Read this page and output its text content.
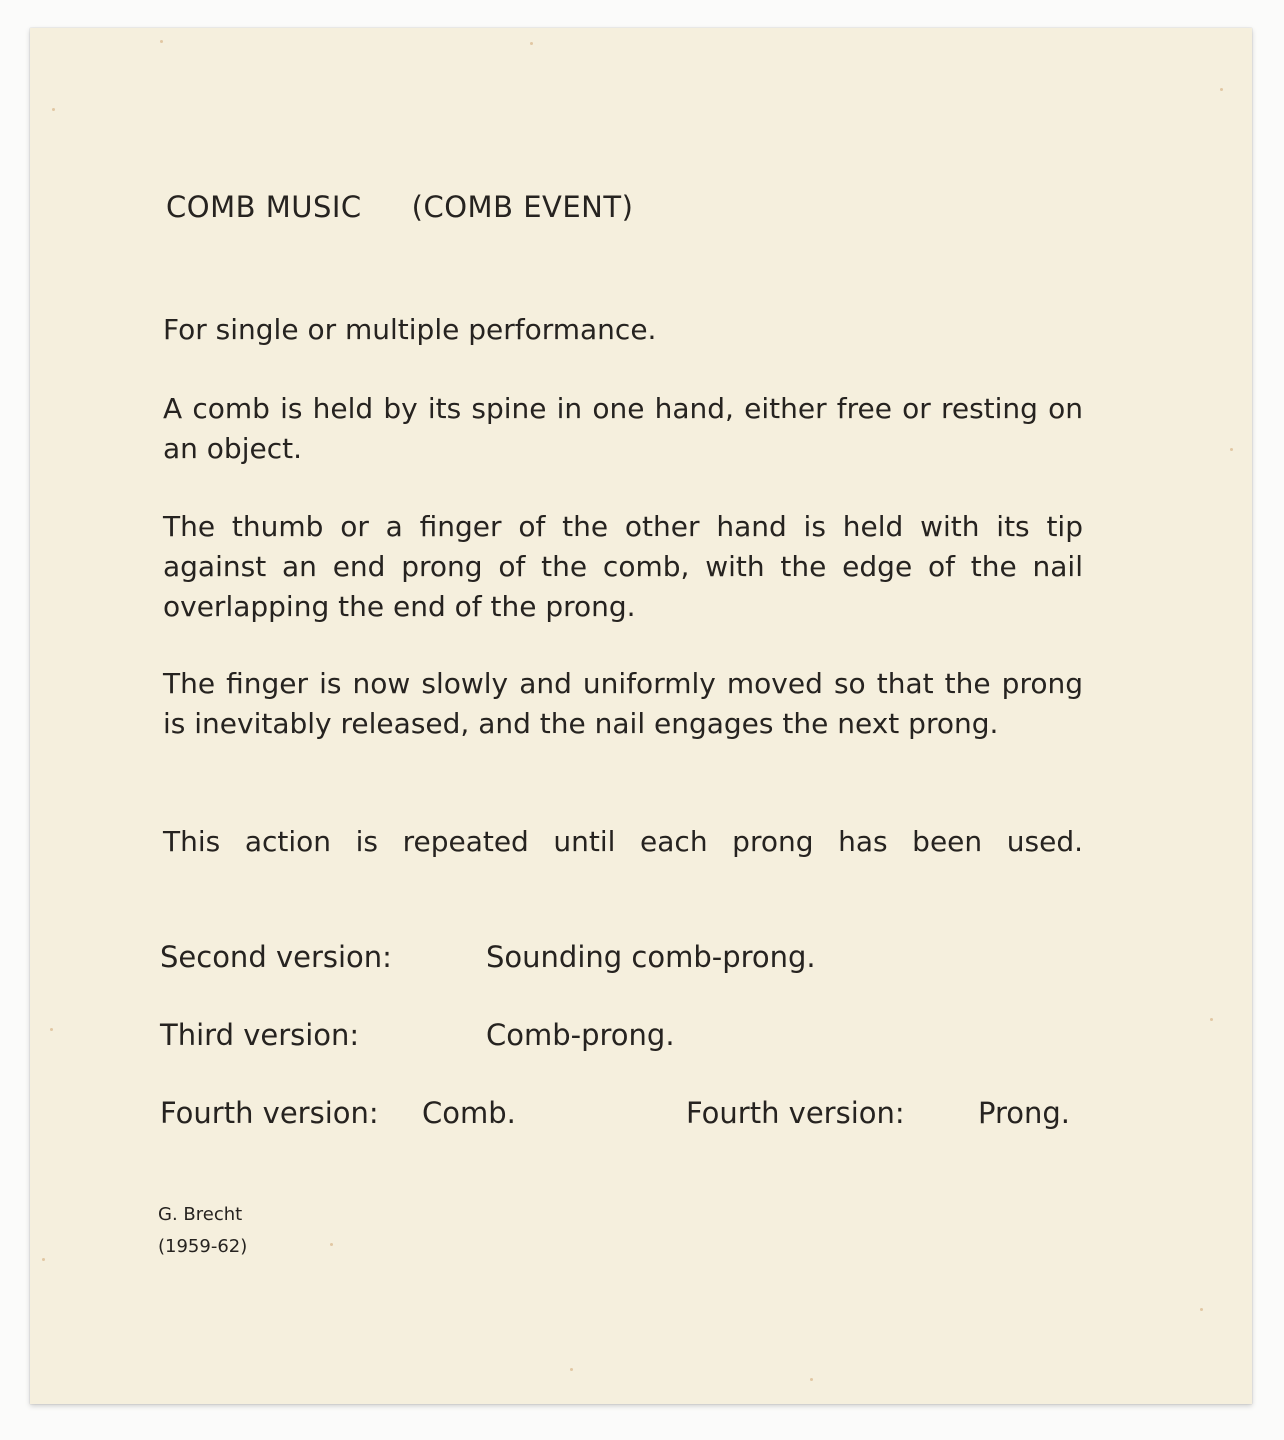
COMB MUSIC (COMB EVENT)

For single or multiple performance.

A comb is held by its spine in one hand, either free or resting on an object.

The thumb or a finger of the other hand is held with its tip against an end prong of the comb, with the edge of the nail overlapping the end of the prong.

The finger is now slowly and uniformly moved so that the prong is inevitably released, and the nail engages the next prong.

This action is repeated until each prong has been used.

Second version:	Sounding comb-prong.
Third version:	Comb-prong.
Fourth version: Comb.	Fourth version:	Prong.
G. Brecht
(1959-62)
